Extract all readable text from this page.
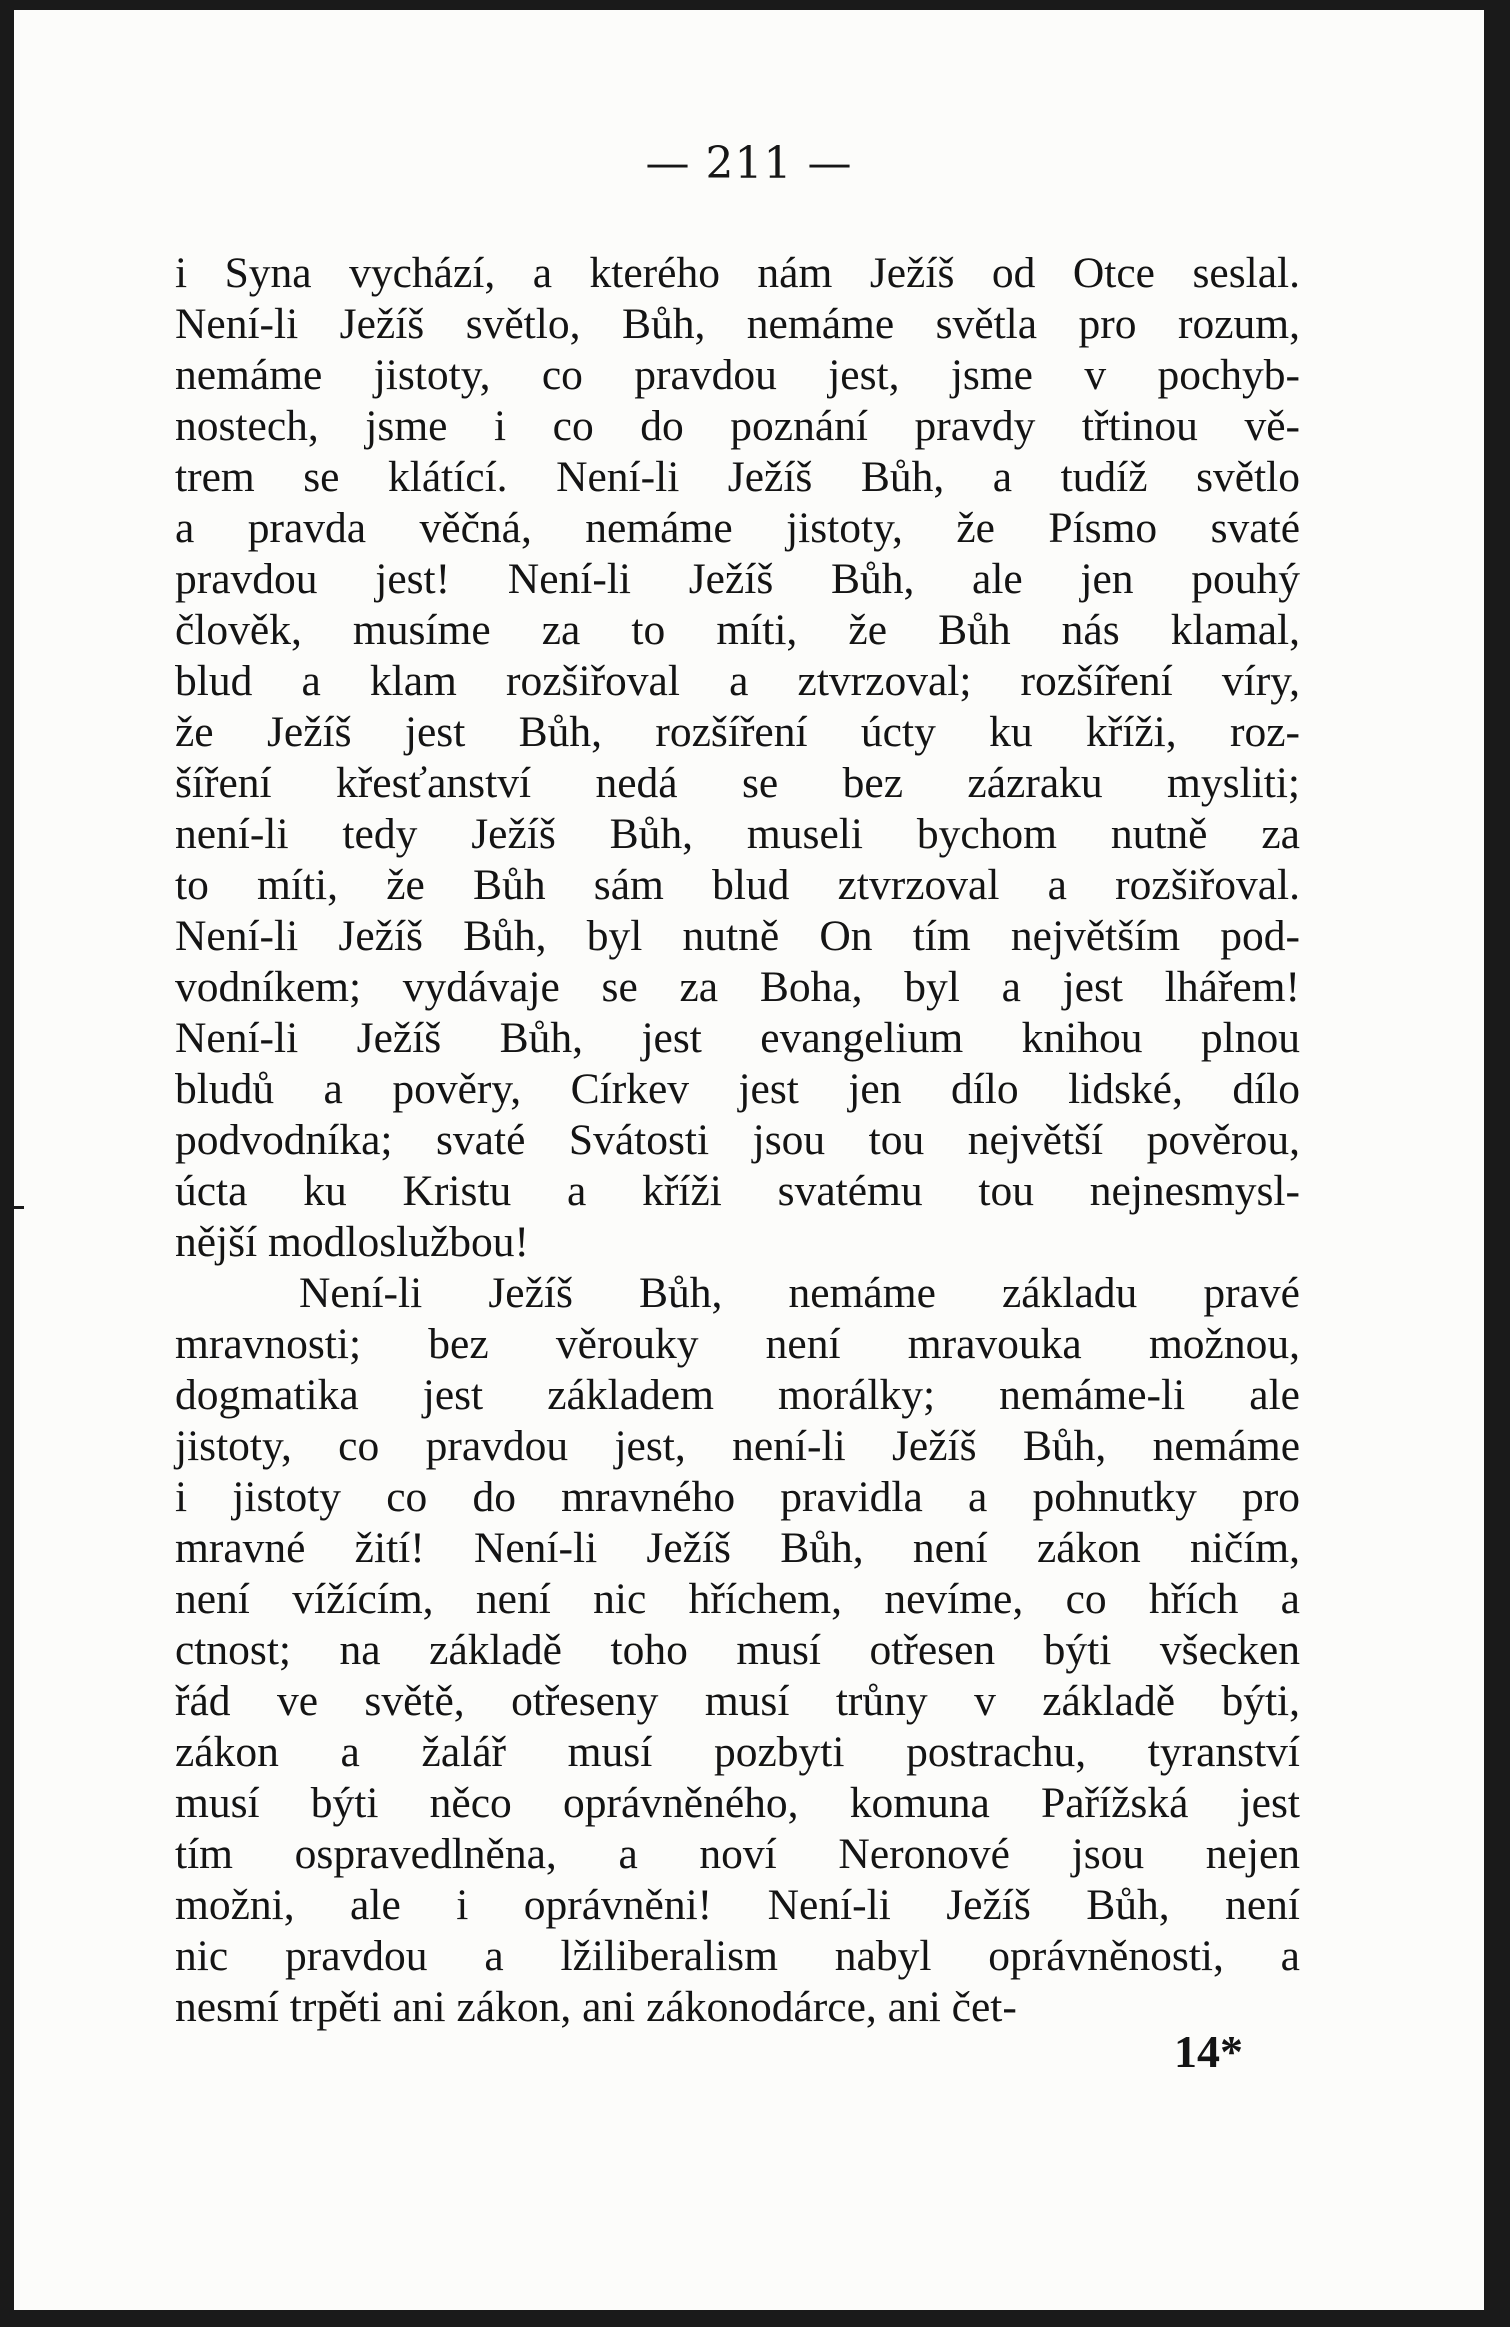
— 211 —
i Syna vychází, a kterého nám Ježíš od Otce seslal.
Není-li Ježíš světlo, Bůh, nemáme světla pro rozum,
nemáme jistoty, co pravdou jest, jsme v pochyb-
nostech, jsme i co do poznání pravdy třtinou vě-
trem se klátící. Není-li Ježíš Bůh, a tudíž světlo
a pravda věčná, nemáme jistoty, že Písmo svaté
pravdou jest! Není-li Ježíš Bůh, ale jen pouhý
člověk, musíme za to míti, že Bůh nás klamal,
blud a klam rozšiřoval a ztvrzoval; rozšíření víry,
že Ježíš jest Bůh, rozšíření úcty ku kříži, roz-
šíření křesťanství nedá se bez zázraku mysliti;
není-li tedy Ježíš Bůh, museli bychom nutně za
to míti, že Bůh sám blud ztvrzoval a rozšiřoval.
Není-li Ježíš Bůh, byl nutně On tím největším pod-
vodníkem; vydávaje se za Boha, byl a jest lhářem!
Není-li Ježíš Bůh, jest evangelium knihou plnou
bludů a pověry, Církev jest jen dílo lidské, dílo
podvodníka; svaté Svátosti jsou tou největší pověrou,
úcta ku Kristu a kříži svatému tou nejnesmysl-
nější modloslužbou!
Není-li Ježíš Bůh, nemáme základu pravé
mravnosti; bez věrouky není mravouka možnou,
dogmatika jest základem morálky; nemáme-li ale
jistoty, co pravdou jest, není-li Ježíš Bůh, nemáme
i jistoty co do mravného pravidla a pohnutky pro
mravné žití! Není-li Ježíš Bůh, není zákon ničím,
není vížícím, není nic hříchem, nevíme, co hřích a
ctnost; na základě toho musí otřesen býti všecken
řád ve světě, otřeseny musí trůny v základě býti,
zákon a žalář musí pozbyti postrachu, tyranství
musí býti něco oprávněného, komuna Pařížská jest
tím ospravedlněna, a noví Neronové jsou nejen
možni, ale i oprávněni! Není-li Ježíš Bůh, není
nic pravdou a lžiliberalism nabyl oprávněnosti, a
nesmí trpěti ani zákon, ani zákonodárce, ani čet-
14*
